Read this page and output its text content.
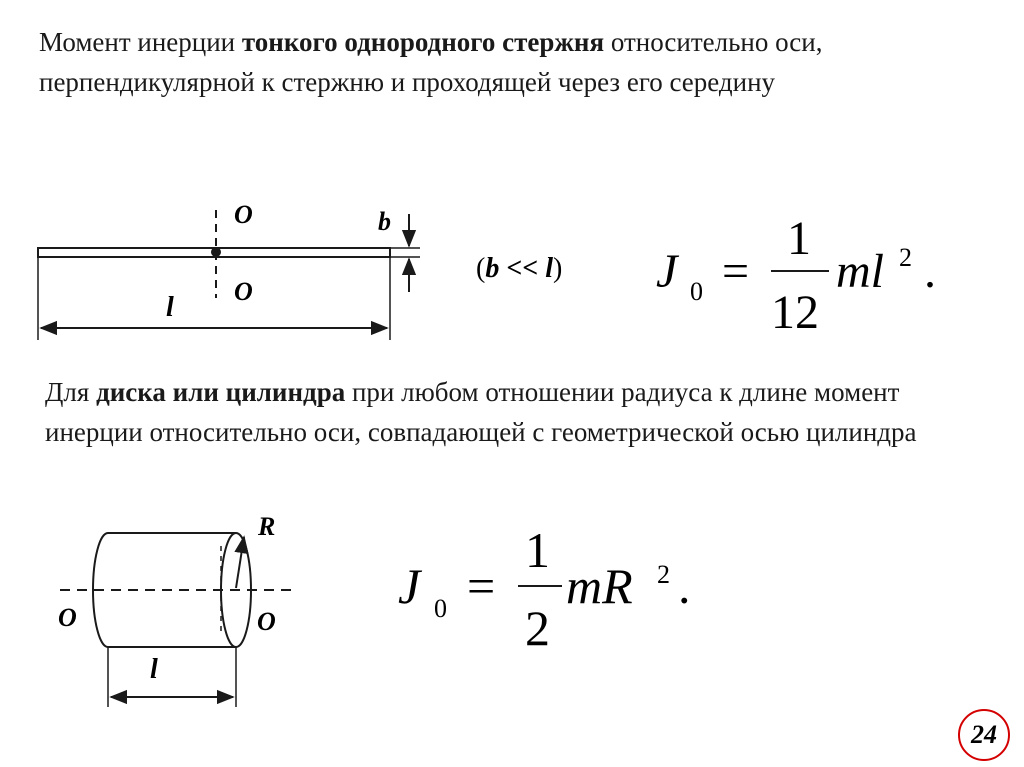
Момент инерции тонкого однородного стержня относительно оси, перпендикулярной к стержню и проходящей через его середину
Для диска или цилиндра при любом отношении радиуса к длине момент инерции относительно оси, совпадающей с геометрической осью цилиндра
O
O
b
l
(b << l) J 0 =
1
12
ml 2 .
R
O	O
l
J 0 =
1
2
mR 2 .
24
